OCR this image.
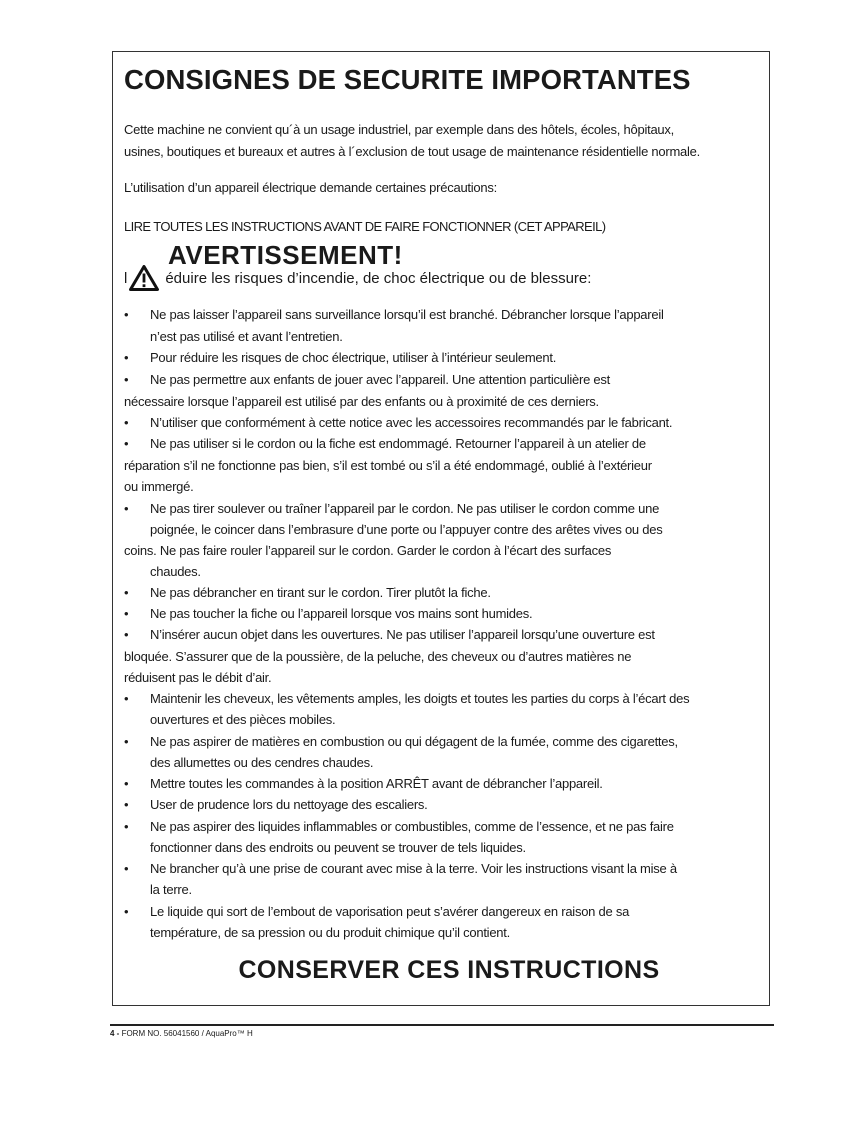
CONSIGNES DE SECURITE IMPORTANTES

Cette machine ne convient qu´à un usage industriel, par exemple dans des hôtels, écoles, hôpitaux,

usines, boutiques et bureaux et autres à l´exclusion de tout usage de maintenance résidentielle normale.

L’utilisation d’un appareil électrique demande certaines précautions:

LIRE TOUTES LES INSTRUCTIONS AVANT DE FAIRE FONCTIONNER (CET APPAREIL)

AVERTISSEMENT!
l	éduire les risques d’incendie, de choc électrique ou de blessure:
• Ne pas laisser l’appareil sans surveillance lorsqu’il est branché. Débrancher lorsque l’appareil
n’est pas utilisé et avant l’entretien.
• Pour réduire les risques de choc électrique, utiliser à l’intérieur seulement.
• Ne pas permettre aux enfants de jouer avec l’appareil. Une attention particulière est
nécessaire lorsque l’appareil est utilisé par des enfants ou à proximité de ces derniers.
• N’utiliser que conformément à cette notice avec les accessoires recommandés par le fabricant.
• Ne pas utiliser si le cordon ou la fiche est endommagé. Retourner l’appareil à un atelier de
réparation s’il ne fonctionne pas bien, s’il est tombé ou s’il a été endommagé, oublié à l’extérieur
ou immergé.
• Ne pas tirer soulever ou traîner l’appareil par le cordon. Ne pas utiliser le cordon comme une
poignée, le coincer dans l’embrasure d’une porte ou l’appuyer contre des arêtes vives ou des
coins. Ne pas faire rouler l’appareil sur le cordon. Garder le cordon à l’écart des surfaces
chaudes.
• Ne pas débrancher en tirant sur le cordon. Tirer plutôt la fiche.
• Ne pas toucher la fiche ou l’appareil lorsque vos mains sont humides.
• N’insérer aucun objet dans les ouvertures. Ne pas utiliser l’appareil lorsqu’une ouverture est
bloquée. S’assurer que de la poussière, de la peluche, des cheveux ou d’autres matières ne
réduisent pas le débit d’air.
• Maintenir les cheveux, les vêtements amples, les doigts et toutes les parties du corps à l’écart des
ouvertures et des pièces mobiles.
• Ne pas aspirer de matières en combustion ou qui dégagent de la fumée, comme des cigarettes,
des allumettes ou des cendres chaudes.
• Mettre toutes les commandes à la position ARRÊT avant de débrancher l’appareil.
• User de prudence lors du nettoyage des escaliers.
• Ne pas aspirer des liquides inflammables or combustibles, comme de l’essence, et ne pas faire
fonctionner dans des endroits ou peuvent se trouver de tels liquides.
• Ne brancher qu’à une prise de courant avec mise à la terre. Voir les instructions visant la mise à
la terre.
• Le liquide qui sort de l’embout de vaporisation peut s’avérer dangereux en raison de sa
température, de sa pression ou du produit chimique qu’il contient.
CONSERVER CES INSTRUCTIONS
4 - FORM NO. 56041560 / AquaPro™ H
